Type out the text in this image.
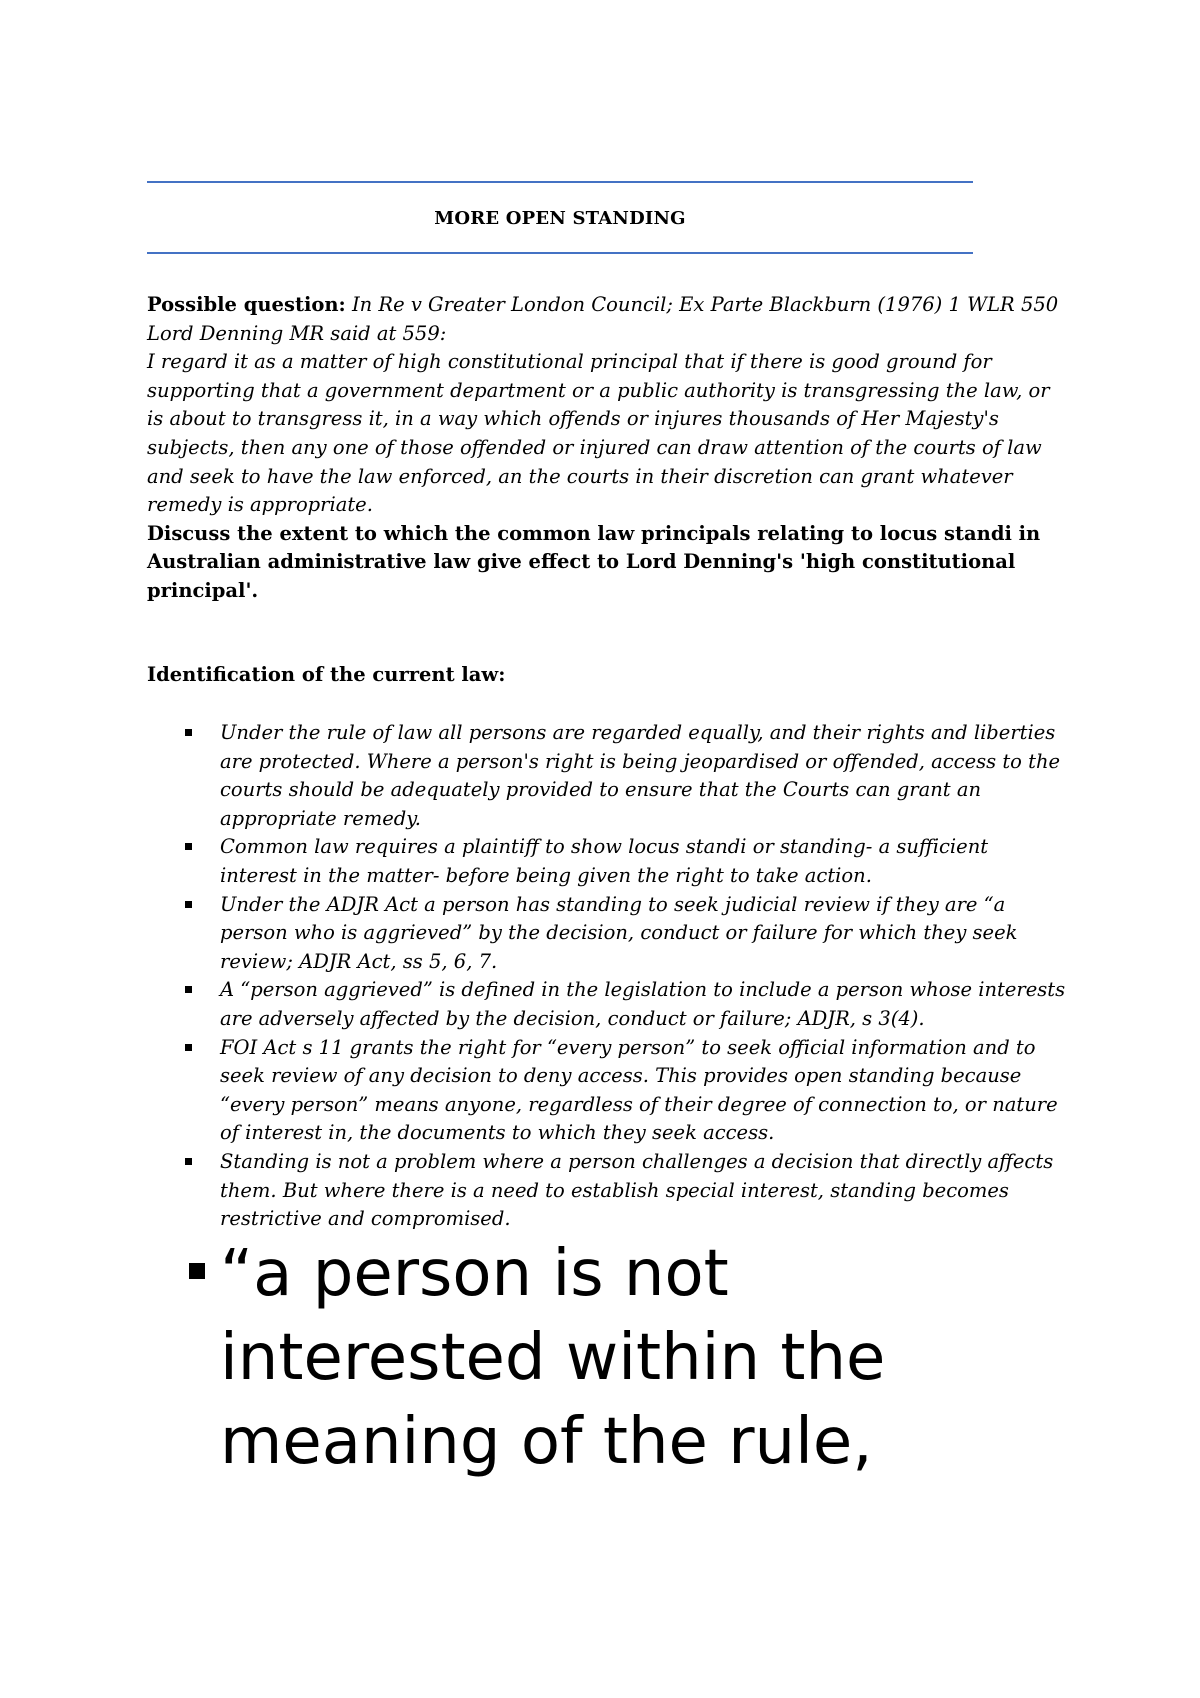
MORE OPEN STANDING

Possible question: In Re v Greater London Council; Ex Parte Blackburn (1976) 1 WLR 550 Lord Denning MR said at 559:

I regard it as a matter of high constitutional principal that if there is good ground for supporting that a government department or a public authority is transgressing the law, or is about to transgress it, in a way which offends or injures thousands of Her Majesty's subjects, then any one of those offended or injured can draw attention of the courts of law and seek to have the law enforced, an the courts in their discretion can grant whatever remedy is appropriate.

Discuss the extent to which the common law principals relating to locus standi in Australian administrative law give effect to Lord Denning's 'high constitutional principal'.

Identification of the current law:
Under the rule of law all persons are regarded equally, and their rights and liberties are protected. Where a person's right is being jeopardised or offended, access to the courts should be adequately provided to ensure that the Courts can grant an appropriate remedy.
Common law requires a plaintiff to show locus standi or standing- a sufficient interest in the matter- before being given the right to take action.
Under the ADJR Act a person has standing to seek judicial review if they are “a person who is aggrieved” by the decision, conduct or failure for which they seek review; ADJR Act, ss 5, 6, 7.
A “person aggrieved” is defined in the legislation to include a person whose interests are adversely affected by the decision, conduct or failure; ADJR, s 3(4).
FOI Act s 11 grants the right for “every person” to seek official information and to seek review of any decision to deny access. This provides open standing because “every person” means anyone, regardless of their degree of connection to, or nature of interest in, the documents to which they seek access.
Standing is not a problem where a person challenges a decision that directly affects them. But where there is a need to establish special interest, standing becomes restrictive and compromised.
“a person is not interested within the meaning of the rule,
